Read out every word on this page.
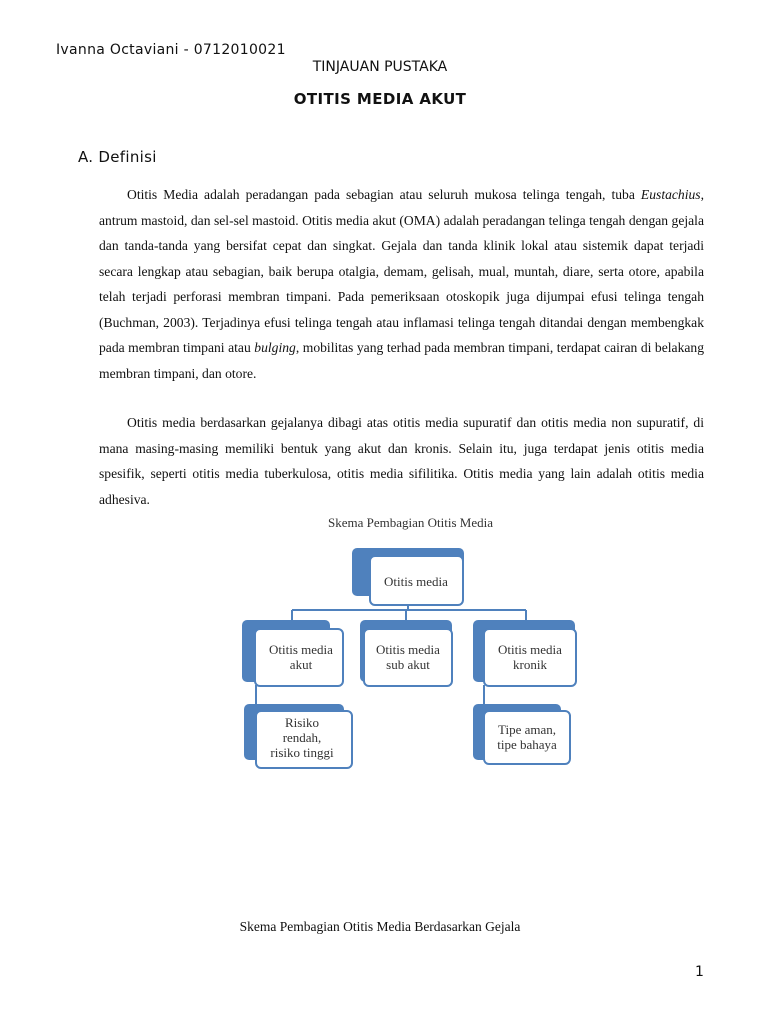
Ivanna Octaviani - 0712010021
TINJAUAN PUSTAKA
OTITIS MEDIA AKUT
A. Definisi

Otitis Media adalah peradangan pada sebagian atau seluruh mukosa telinga tengah, tuba Eustachius, antrum mastoid, dan sel-sel mastoid. Otitis media akut (OMA) adalah peradangan telinga tengah dengan gejala dan tanda-tanda yang bersifat cepat dan singkat. Gejala dan tanda klinik lokal atau sistemik dapat terjadi secara lengkap atau sebagian, baik berupa otalgia, demam, gelisah, mual, muntah, diare, serta otore, apabila telah terjadi perforasi membran timpani. Pada pemeriksaan otoskopik juga dijumpai efusi telinga tengah (Buchman, 2003). Terjadinya efusi telinga tengah atau inflamasi telinga tengah ditandai dengan membengkak pada membran timpani atau bulging, mobilitas yang terhad pada membran timpani, terdapat cairan di belakang membran timpani, dan otore.

Otitis media berdasarkan gejalanya dibagi atas otitis media supuratif dan otitis media non supuratif, di mana masing-masing memiliki bentuk yang akut dan kronis. Selain itu, juga terdapat jenis otitis media spesifik, seperti otitis media tuberkulosa, otitis media sifilitika. Otitis media yang lain adalah otitis media adhesiva.

Skema Pembagian Otitis Media
Otitis media
Otitis media
akut
Otitis media
sub akut
Otitis media
kronik
Risiko
rendah,
risiko tinggi
Tipe aman,
tipe bahaya
Skema Pembagian Otitis Media Berdasarkan Gejala
1
